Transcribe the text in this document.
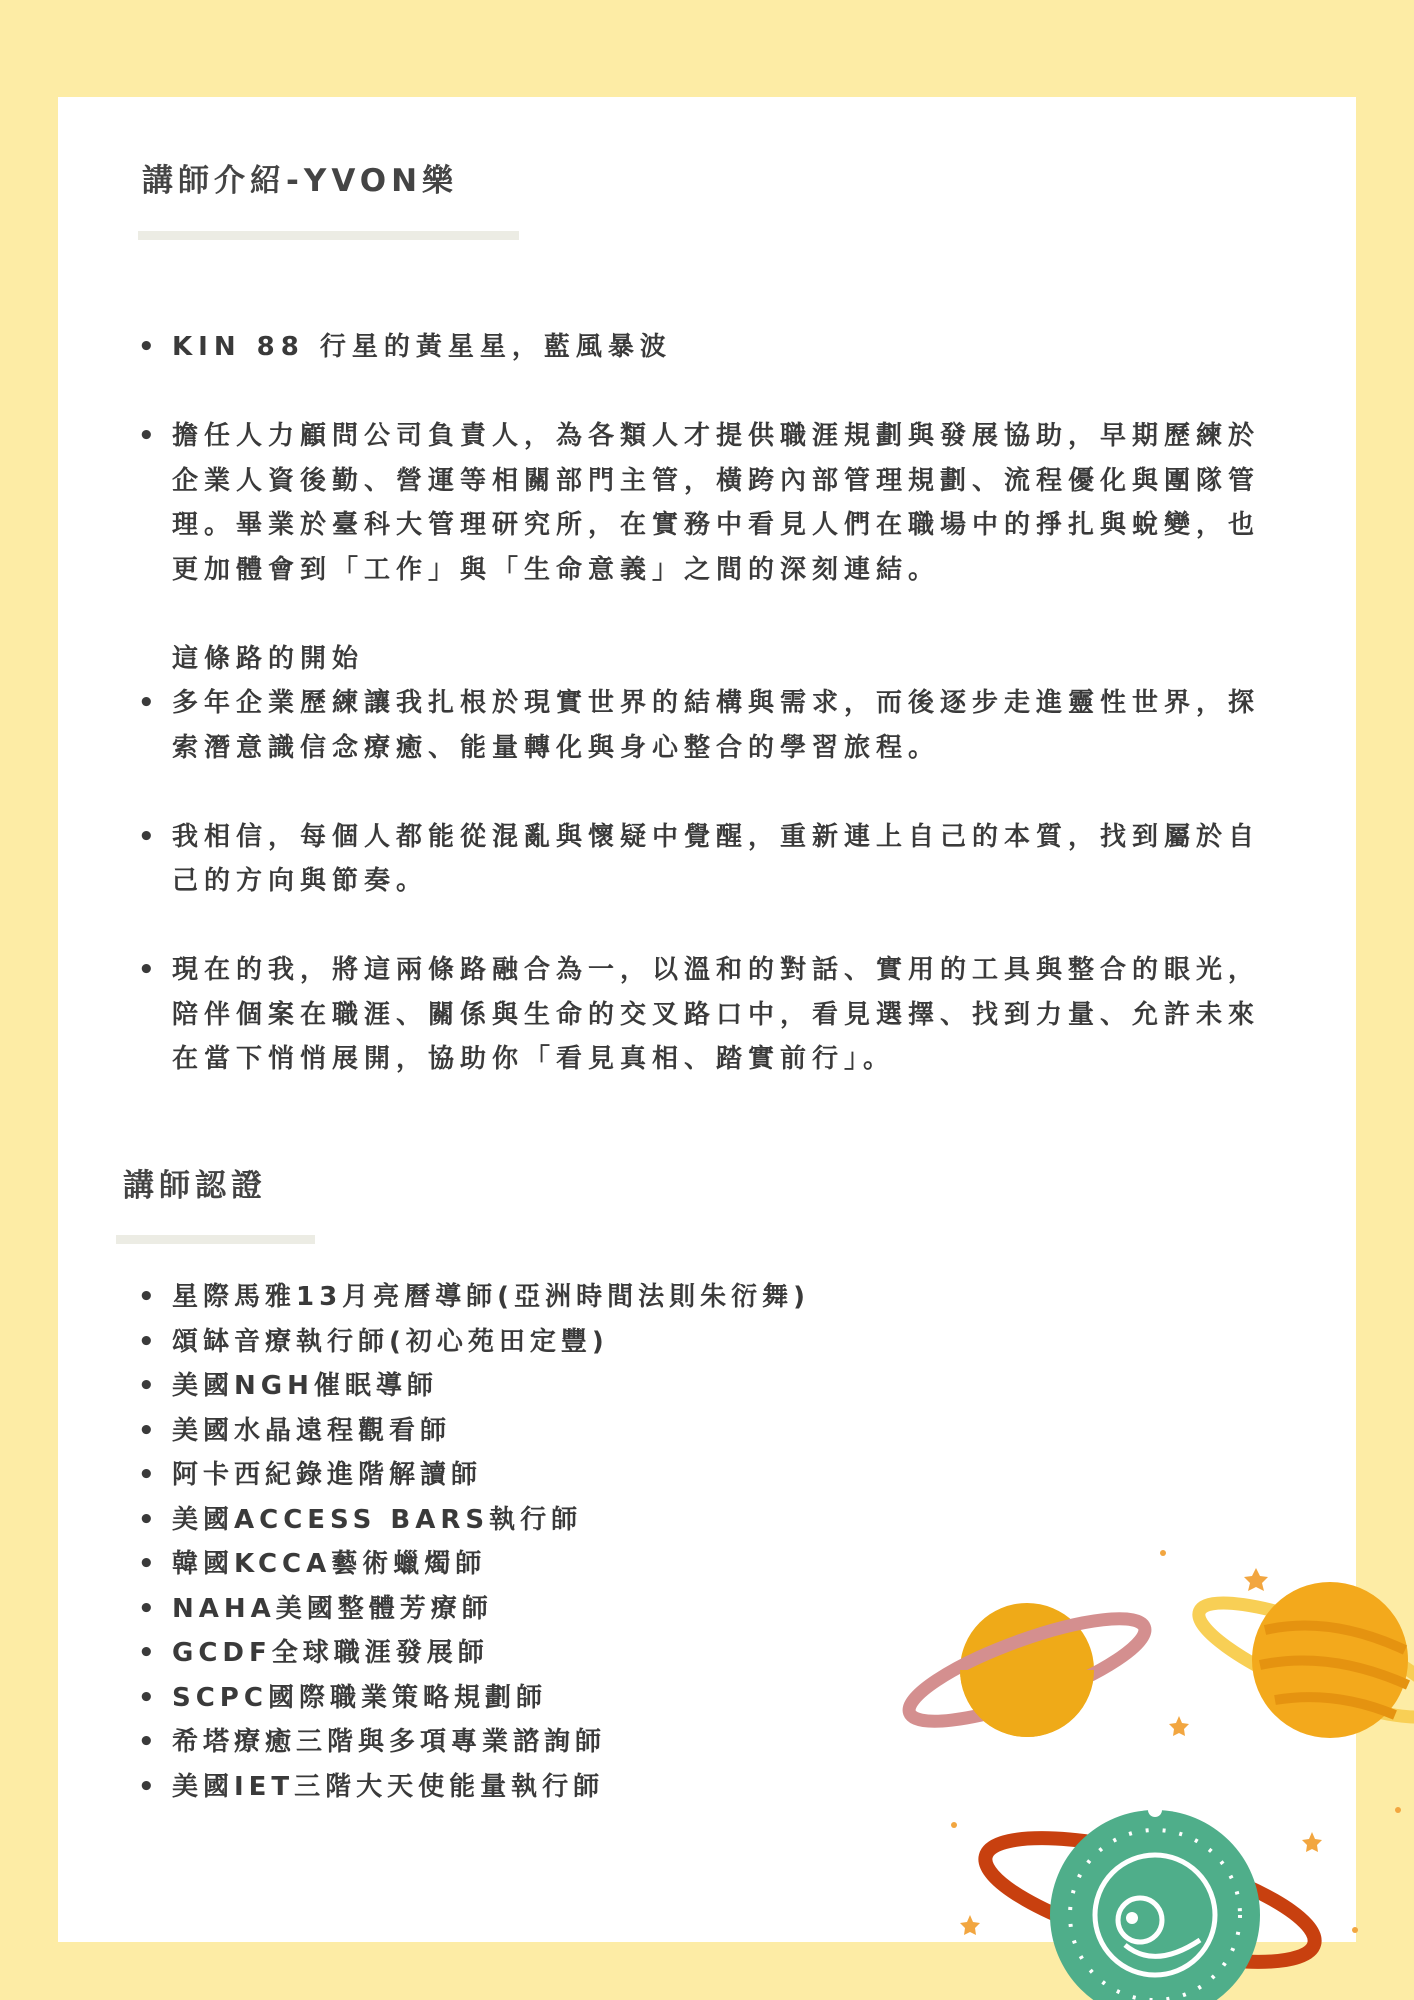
講師介紹-YVON樂
• KIN 88 行星的黃星星，藍風暴波
• 擔任人力顧問公司負責人，為各類人才提供職涯規劃與發展協助，早期歷練於企業人資後勤、營運等相關部門主管，橫跨內部管理規劃、流程優化與團隊管理。畢業於臺科大管理研究所，在實務中看見人們在職場中的掙扎與蛻變，也更加體會到「工作」與「生命意義」之間的深刻連結。
這條路的開始
• 多年企業歷練讓我扎根於現實世界的結構與需求，而後逐步走進靈性世界，探索潛意識信念療癒、能量轉化與身心整合的學習旅程。
• 我相信，每個人都能從混亂與懷疑中覺醒，重新連上自己的本質，找到屬於自己的方向與節奏。
• 現在的我，將這兩條路融合為一，以溫和的對話、實用的工具與整合的眼光，陪伴個案在職涯、關係與生命的交叉路口中，看見選擇、找到力量、允許未來在當下悄悄展開，協助你「看見真相、踏實前行」。
講師認證
• 星際馬雅13月亮曆導師(亞洲時間法則朱衍舞)
• 頌缽音療執行師(初心苑田定豐)
• 美國NGH催眠導師
• 美國水晶遠程觀看師
• 阿卡西紀錄進階解讀師
• 美國ACCESS BARS執行師
• 韓國KCCA藝術蠟燭師
• NAHA美國整體芳療師
• GCDF全球職涯發展師
• SCPC國際職業策略規劃師
• 希塔療癒三階與多項專業諮詢師
• 美國IET三階大天使能量執行師
